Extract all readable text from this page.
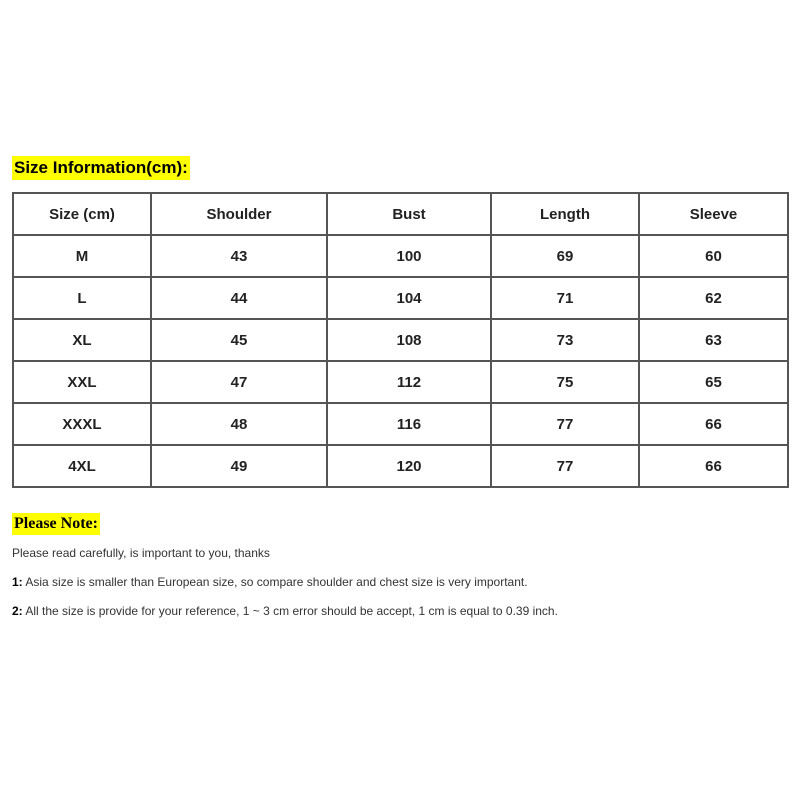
Size Information(cm):
Size (cm)	Shoulder	Bust	Length	Sleeve
M	43	100	69	60
L	44	104	71	62
XL	45	108	73	63
XXL	47	112	75	65
XXXL	48	116	77	66
4XL	49	120	77	66
Please Note:
Please read carefully, is important to you, thanks
1: Asia size is smaller than European size, so compare shoulder and chest size is very important.
2: All the size is provide for your reference, 1 ~ 3 cm error should be accept, 1 cm is equal to 0.39 inch.
